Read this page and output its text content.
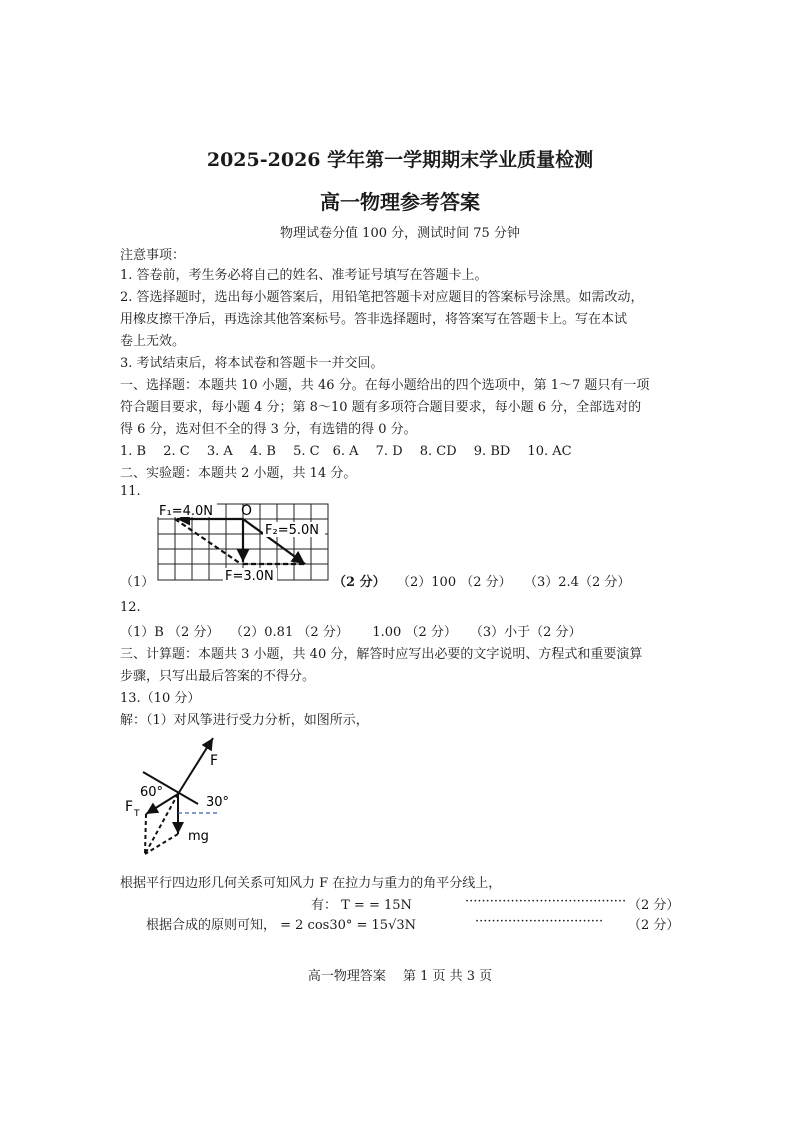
2025-2026 学年第一学期期末学业质量检测
高一物理参考答案
物理试卷分值 100 分，测试时间 75 分钟
注意事项：
1. 答卷前，考生务必将自己的姓名、准考证号填写在答题卡上。
2. 答选择题时，选出每小题答案后，用铅笔把答题卡对应题目的答案标号涂黑。如需改动，
用橡皮擦干净后，再选涂其他答案标号。答非选择题时，将答案写在答题卡上。写在本试
卷上无效。
3. 考试结束后，将本试卷和答题卡一并交回。
一、选择题：本题共 10 小题，共 46 分。在每小题给出的四个选项中，第 1～7 题只有一项
符合题目要求，每小题 4 分；第 8～10 题有多项符合题目要求，每小题 6 分，全部选对的
得 6 分，选对但不全的得 3 分，有选错的得 0 分。
1. B　 2. C　 3. A　 4. B　 5. C　6. A　 7. D　 8. CD　 9. BD　 10. AC
二、实验题：本题共 2 小题，共 14 分。
11.
F₁=4.0N O
F₂=5.0N
F=3.0N
（1）	（2 分） （2）100 （2 分） （3）2.4（2 分）
12.
（1）B （2 分）　 （2）0.81 （2 分）　　 1.00 （2 分）　　（3）小于（2 分）
三、计算题：本题共 3 小题，共 40 分，解答时应写出必要的文字说明、方程式和重要演算
步骤，只写出最后答案的不得分。
13.（10 分）
解：（1）对风筝进行受力分析，如图所示，
F
60°
30°
F T
mg
根据平行四边形几何关系可知风力 F 在拉力与重力的角平分线上，
有： T = = 15N	······································· （2 分）
根据合成的原则可知， = 2 cos30° = 15√3N	······························· （2 分）
高一物理答案　 第 1 页 共 3 页
